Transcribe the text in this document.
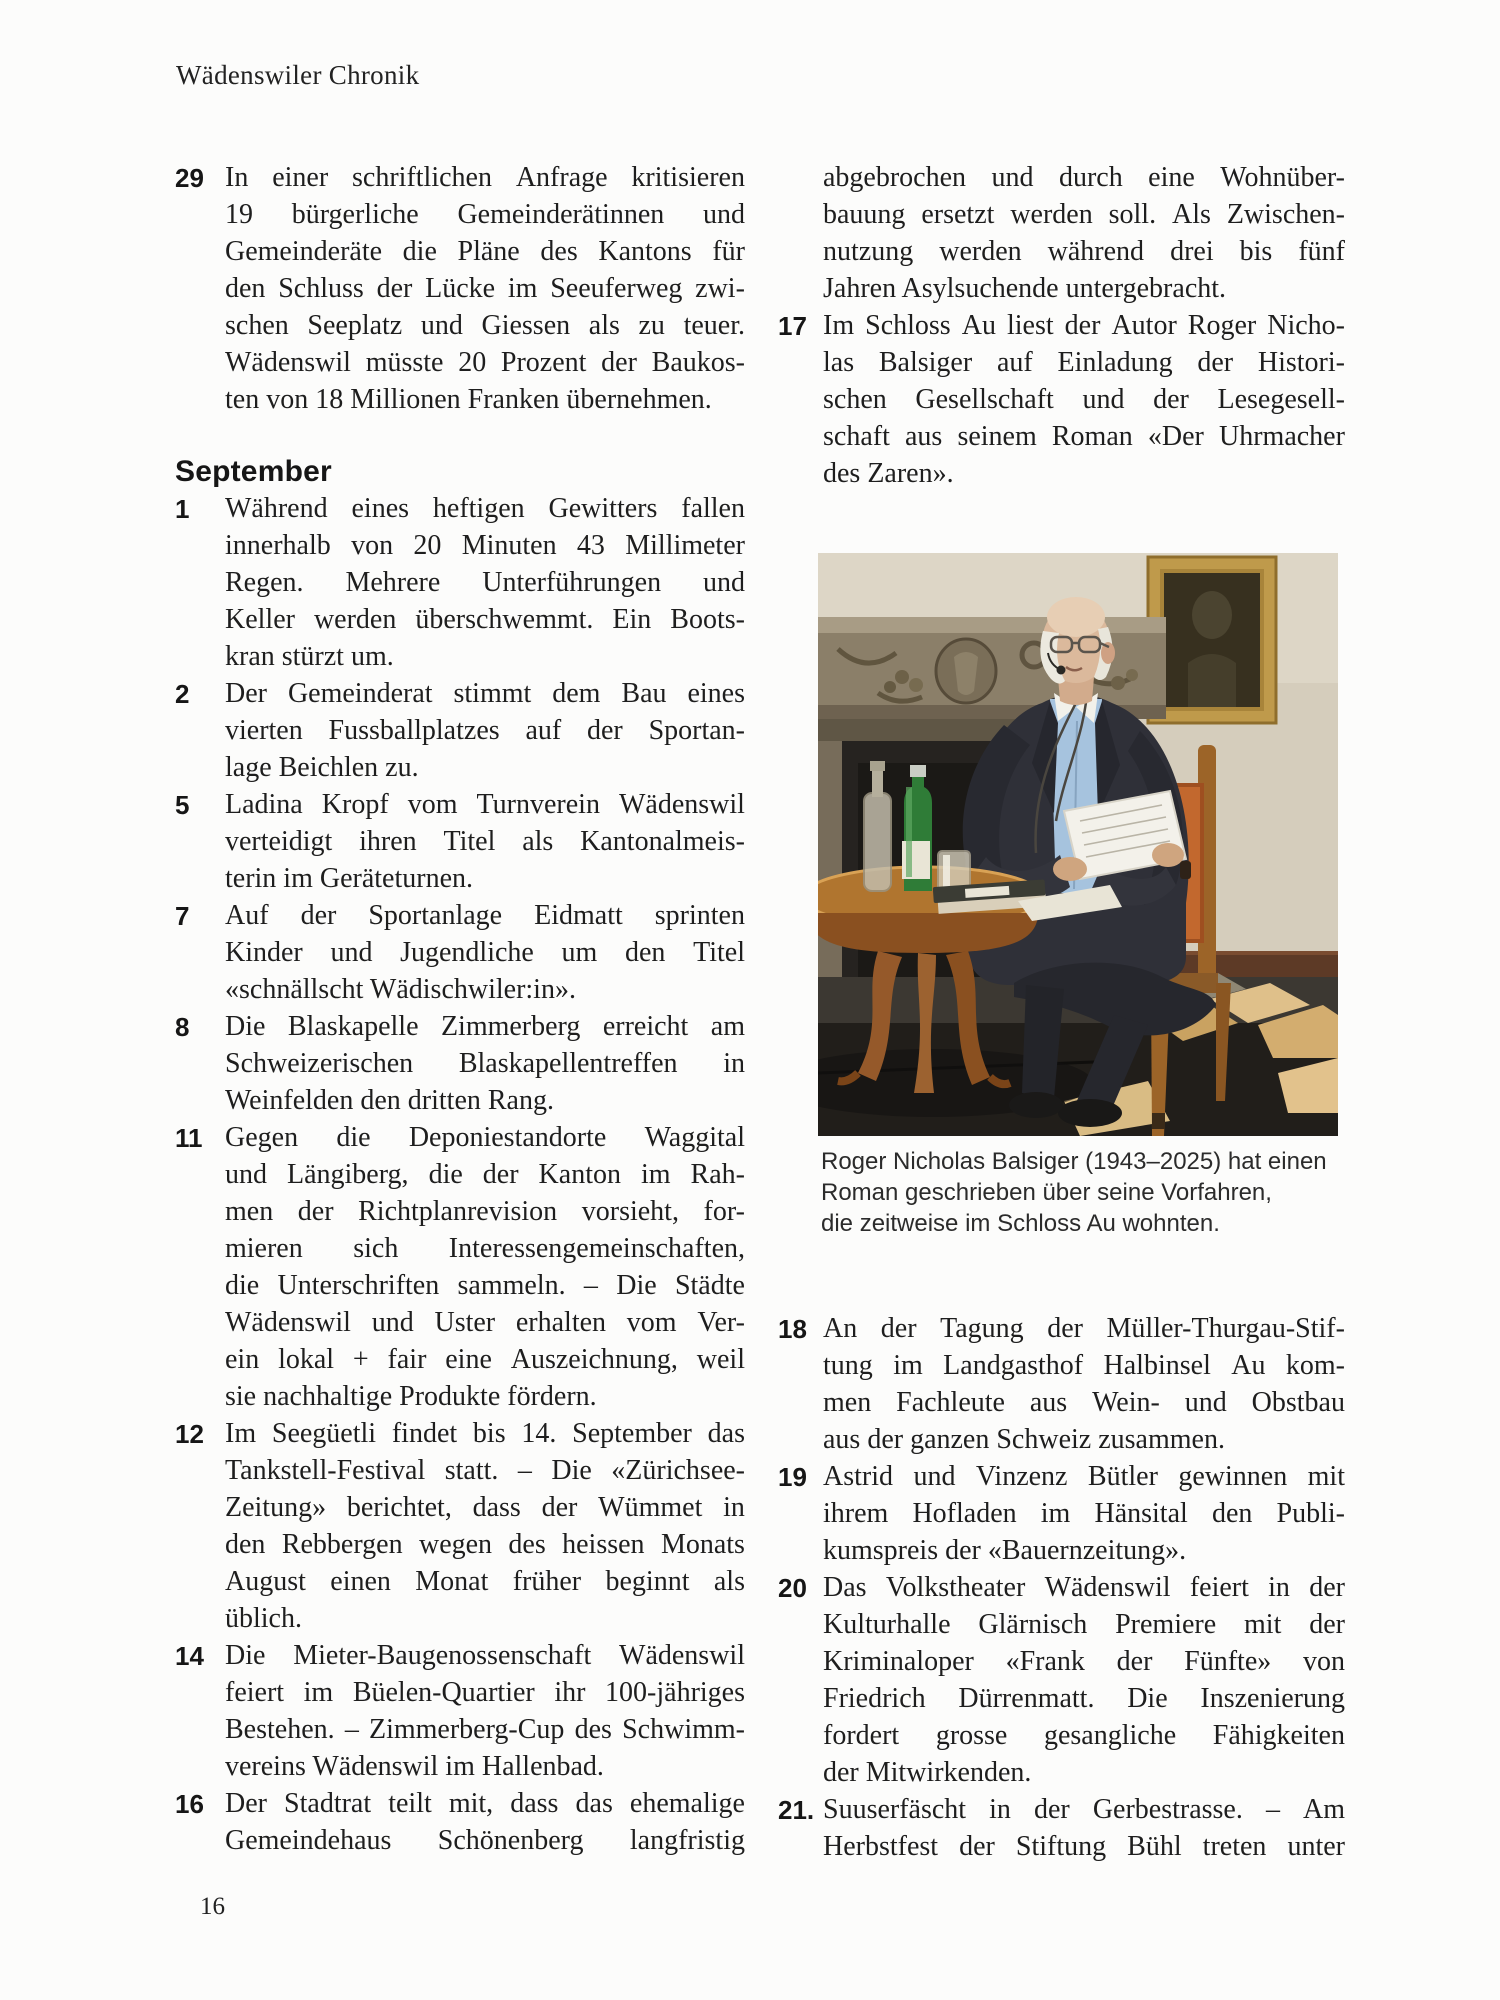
Wädenswiler Chronik
29 In einer schriftlichen Anfrage kritisieren
19 bürgerliche Gemeinderätinnen und
Gemeinderäte die Pläne des Kantons für
den Schluss der Lücke im Seeuferweg zwi-
schen Seeplatz und Giessen als zu teuer.
Wädenswil müsste 20 Prozent der Baukos-
ten von 18 Millionen Franken übernehmen.
September
1 Während eines heftigen Gewitters fallen
innerhalb von 20 Minuten 43 Millimeter
Regen. Mehrere Unterführungen und
Keller werden überschwemmt. Ein Boots-
kran stürzt um.
2 Der Gemeinderat stimmt dem Bau eines
vierten Fussballplatzes auf der Sportan-
lage Beichlen zu.
5 Ladina Kropf vom Turnverein Wädenswil
verteidigt ihren Titel als Kantonalmeis-
terin im Geräteturnen.
7 Auf der Sportanlage Eidmatt sprinten
Kinder und Jugendliche um den Titel
«schnällscht Wädischwiler:in».
8 Die Blaskapelle Zimmerberg erreicht am
Schweizerischen Blaskapellentreffen in
Weinfelden den dritten Rang.
11 Gegen die Deponiestandorte Waggital
und Längiberg, die der Kanton im Rah-
men der Richtplanrevision vorsieht, for-
mieren sich Interessengemeinschaften,
die Unterschriften sammeln. – Die Städte
Wädenswil und Uster erhalten vom Ver-
ein lokal + fair eine Auszeichnung, weil
sie nachhaltige Produkte fördern.
12 Im Seegüetli findet bis 14. September das
Tankstell-Festival statt. – Die «Zürichsee-
Zeitung» berichtet, dass der Wümmet in
den Rebbergen wegen des heissen Monats
August einen Monat früher beginnt als
üblich.
14 Die Mieter-Baugenossenschaft Wädenswil
feiert im Büelen-Quartier ihr 100-jähriges
Bestehen. – Zimmerberg-Cup des Schwimm-
vereins Wädenswil im Hallenbad.
16 Der Stadtrat teilt mit, dass das ehemalige
Gemeindehaus Schönenberg langfristig
abgebrochen und durch eine Wohnüber-
bauung ersetzt werden soll. Als Zwischen-
nutzung werden während drei bis fünf
Jahren Asylsuchende untergebracht.
17 Im Schloss Au liest der Autor Roger Nicho-
las Balsiger auf Einladung der Histori-
schen Gesellschaft und der Lesegesell-
schaft aus seinem Roman «Der Uhrmacher
des Zaren».
Roger Nicholas Balsiger (1943–2025) hat einen
Roman geschrieben über seine Vorfahren,
die zeitweise im Schloss Au wohnten.
18 An der Tagung der Müller-Thurgau-Stif-
tung im Landgasthof Halbinsel Au kom-
men Fachleute aus Wein- und Obstbau
aus der ganzen Schweiz zusammen.
19 Astrid und Vinzenz Bütler gewinnen mit
ihrem Hofladen im Hänsital den Publi-
kumspreis der «Bauernzeitung».
20 Das Volkstheater Wädenswil feiert in der
Kulturhalle Glärnisch Premiere mit der
Kriminaloper «Frank der Fünfte» von
Friedrich Dürrenmatt. Die Inszenierung
fordert grosse gesangliche Fähigkeiten
der Mitwirkenden.
21. Suuserfäscht in der Gerbestrasse. – Am
Herbstfest der Stiftung Bühl treten unter
16
